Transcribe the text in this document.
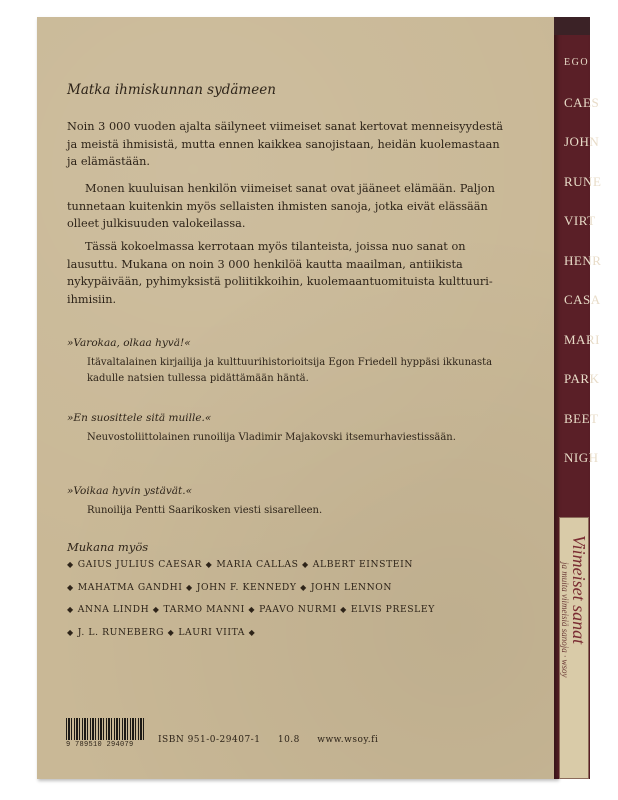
EGO
CAES
JOHN
RUNE
VIRT
HENR
CASA
MARI
PARK
BEET
NIGH
Viimeiset sanat
ja muita viimeisiä sanoja · wsoy
Matka ihmiskunnan sydämeen
Noin 3 000 vuoden ajalta säilyneet viimeiset sanat kertovat menneisyydestä ja meistä ihmisistä, mutta ennen kaikkea sanojistaan, heidän kuolemastaan ja elämästään.
Monen kuuluisan henkilön viimeiset sanat ovat jääneet elämään. Paljon tunnetaan kuitenkin myös sellaisten ihmisten sanoja, jotka eivät elässään olleet julkisuuden valokeilassa.
Tässä kokoelmassa kerrotaan myös tilanteista, joissa nuo sanat on lausuttu. Mukana on noin 3 000 henkilöä kautta maailman, antiikista nykypäivään, pyhimyksistä poliitikkoihin, kuolemaantuomituista kulttuuri-ihmisiin.
»Varokaa, olkaa hyvä!«
Itävaltalainen kirjailija ja kulttuurihistorioitsija Egon Friedell hyppäsi ikkunasta kadulle natsien tullessa pidättämään häntä.
»En suosittele sitä muille.«
Neuvostoliittolainen runoilija Vladimir Majakovski itsemurhaviestissään.
»Voikaa hyvin ystävät.«
Runoilija Pentti Saarikosken viesti sisarelleen.
Mukana myös
◆ GAIUS JULIUS CAESAR ◆ MARIA CALLAS ◆ ALBERT EINSTEIN
◆ MAHATMA GANDHI ◆ JOHN F. KENNEDY ◆ JOHN LENNON
◆ ANNA LINDH ◆ TARMO MANNI ◆ PAAVO NURMI ◆ ELVIS PRESLEY
◆ J. L. RUNEBERG ◆ LAURI VIITA ◆
9 789510 294079	ISBN 951-0-29407-1 10.8 www.wsoy.fi
